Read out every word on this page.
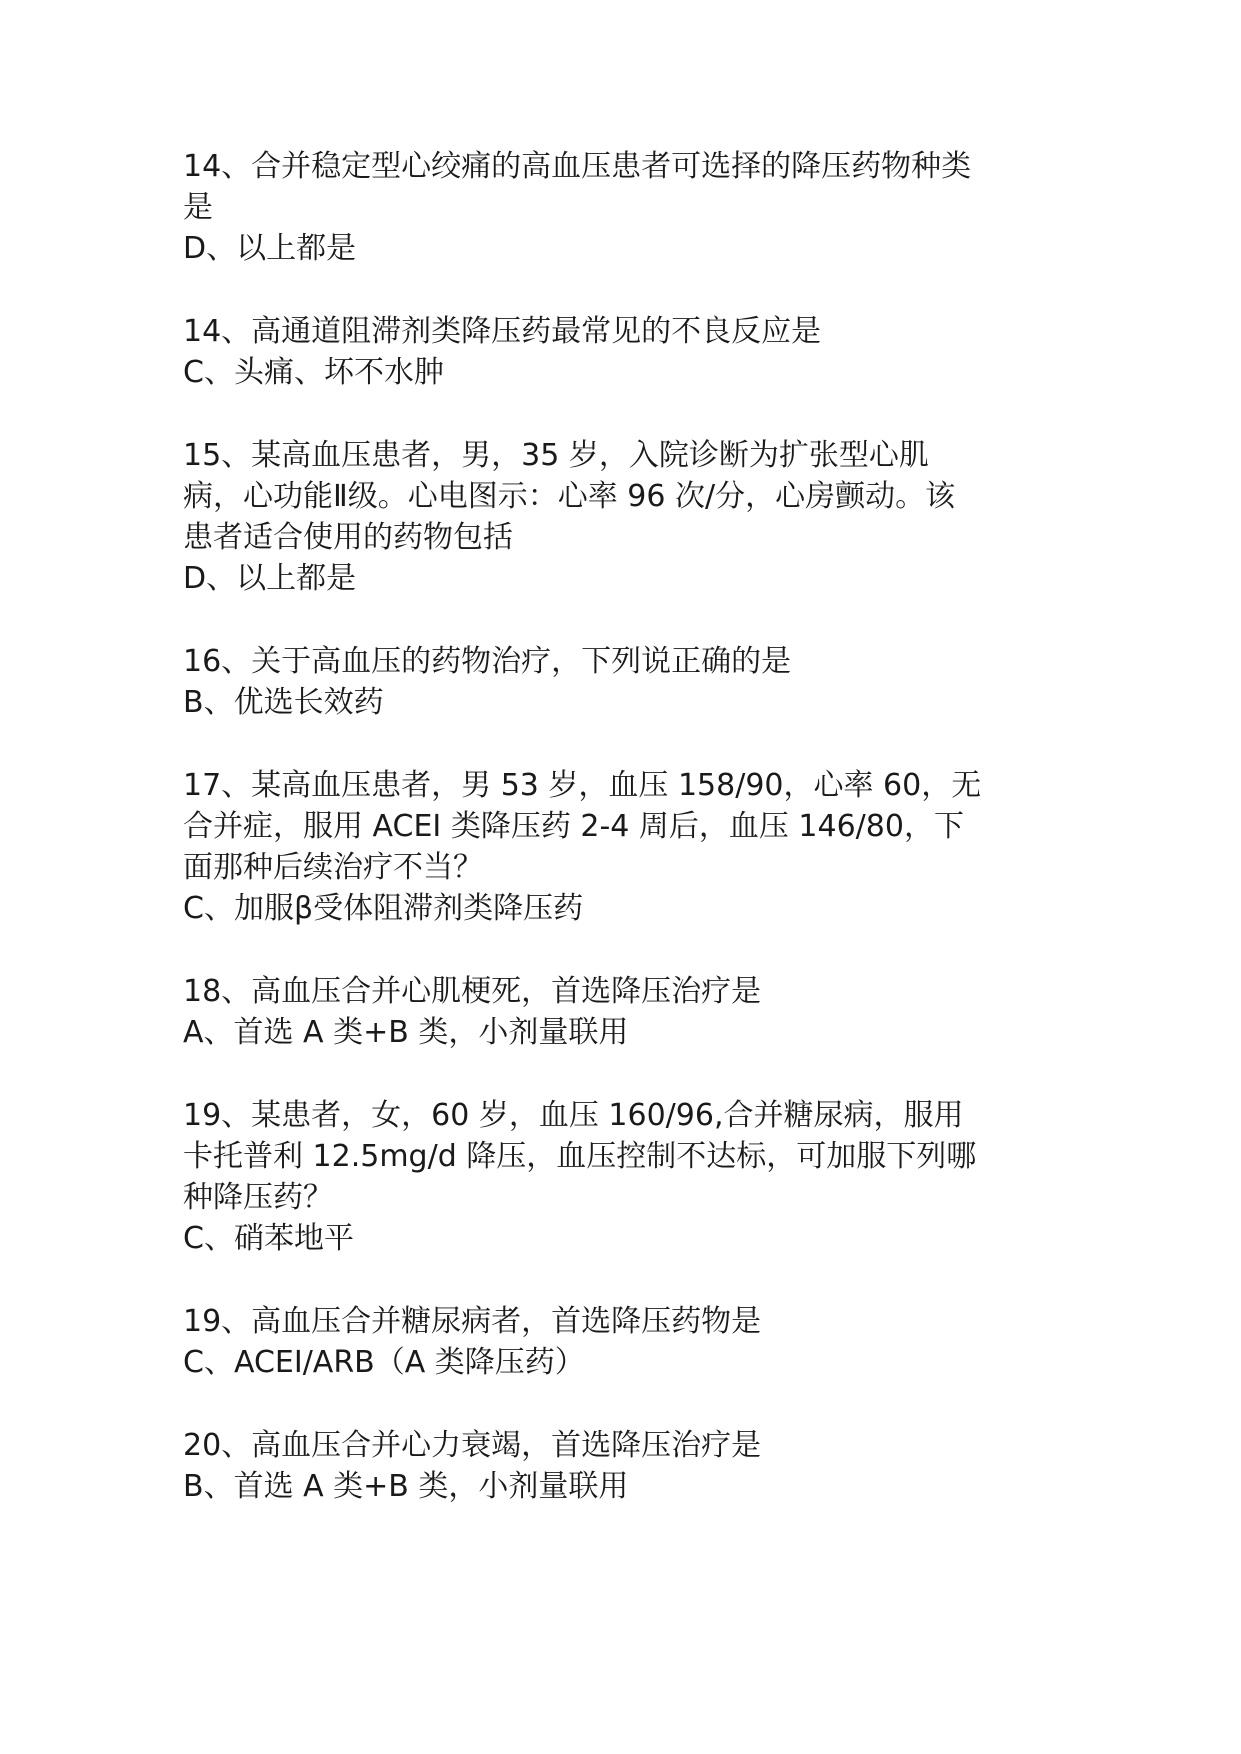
14、合并稳定型心绞痛的高血压患者可选择的降压药物种类
是
D、以上都是
14、高通道阻滞剂类降压药最常见的不良反应是
C、头痛、坏不水肿
15、某高血压患者，男，35 岁，入院诊断为扩张型心肌
病，心功能Ⅱ级。心电图示：心率 96 次/分，心房颤动。该
患者适合使用的药物包括
D、以上都是
16、关于高血压的药物治疗，下列说正确的是
B、优选长效药
17、某高血压患者，男 53 岁，血压 158/90，心率 60，无
合并症，服用 ACEI 类降压药 2-4 周后，血压 146/80，下
面那种后续治疗不当？
C、加服β受体阻滞剂类降压药
18、高血压合并心肌梗死，首选降压治疗是
A、首选 A 类+B 类，小剂量联用
19、某患者，女，60 岁，血压 160/96,合并糖尿病，服用
卡托普利 12.5mg/d 降压，血压控制不达标，可加服下列哪
种降压药？
C、硝苯地平
19、高血压合并糖尿病者，首选降压药物是
C、ACEI/ARB（A 类降压药）
20、高血压合并心力衰竭，首选降压治疗是
B、首选 A 类+B 类，小剂量联用
